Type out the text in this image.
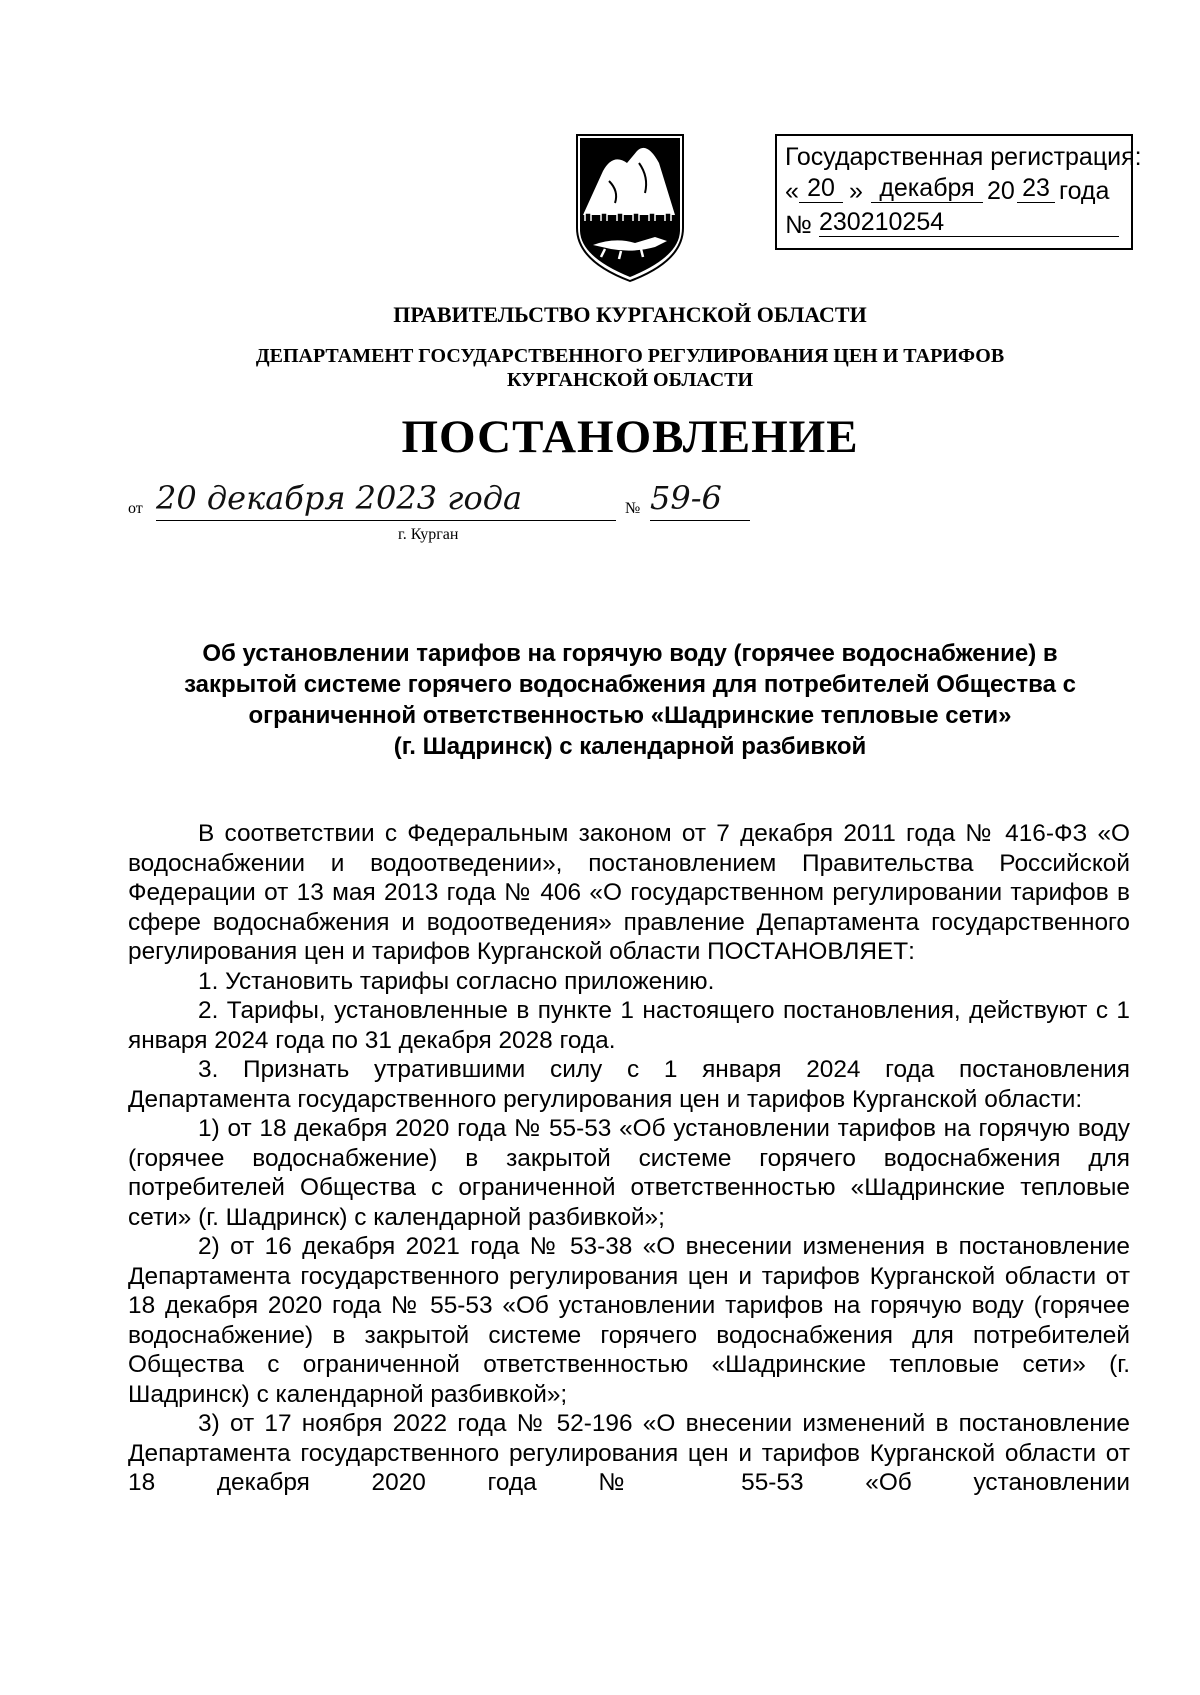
Государственная регистрация:
« 20 » декабря 20 23 года
№ 230210254
ПРАВИТЕЛЬСТВО КУРГАНСКОЙ ОБЛАСТИ
ДЕПАРТАМЕНТ ГОСУДАРСТВЕННОГО РЕГУЛИРОВАНИЯ ЦЕН И ТАРИФОВ
КУРГАНСКОЙ ОБЛАСТИ
ПОСТАНОВЛЕНИЕ
от 20 декабря 2023 года	№ 59-6
г. Курган
Об установлении тарифов на горячую воду (горячее водоснабжение) в
закрытой системе горячего водоснабжения для потребителей Общества с
ограниченной ответственностью «Шадринские тепловые сети»
(г. Шадринск) с календарной разбивкой

В соответствии с Федеральным законом от 7 декабря 2011 года № 416-ФЗ «О водоснабжении и водоотведении», постановлением Правительства Российской Федерации от 13 мая 2013 года № 406 «О государственном регулировании тарифов в сфере водоснабжения и водоотведения» правление Департамента государственного регулирования цен и тарифов Курганской области ПОСТАНОВЛЯЕТ:

1. Установить тарифы согласно приложению.

2. Тарифы, установленные в пункте 1 настоящего постановления, действуют с 1 января 2024 года по 31 декабря 2028 года.

3. Признать утратившими силу с 1 января 2024 года постановления Департамента государственного регулирования цен и тарифов Курганской области:

1) от 18 декабря 2020 года № 55-53 «Об установлении тарифов на горячую воду (горячее водоснабжение) в закрытой системе горячего водоснабжения для потребителей Общества с ограниченной ответственностью «Шадринские тепловые сети» (г. Шадринск) с календарной разбивкой»;

2) от 16 декабря 2021 года № 53-38 «О внесении изменения в постановление Департамента государственного регулирования цен и тарифов Курганской области от 18 декабря 2020 года № 55-53 «Об установлении тарифов на горячую воду (горячее водоснабжение) в закрытой системе горячего водоснабжения для потребителей Общества с ограниченной ответственностью «Шадринские тепловые сети» (г. Шадринск) с календарной разбивкой»;

3) от 17 ноября 2022 года № 52-196 «О внесении изменений в постановление Департамента государственного регулирования цен и тарифов Курганской области от 18 декабря 2020 года № 55-53 «Об установлении
